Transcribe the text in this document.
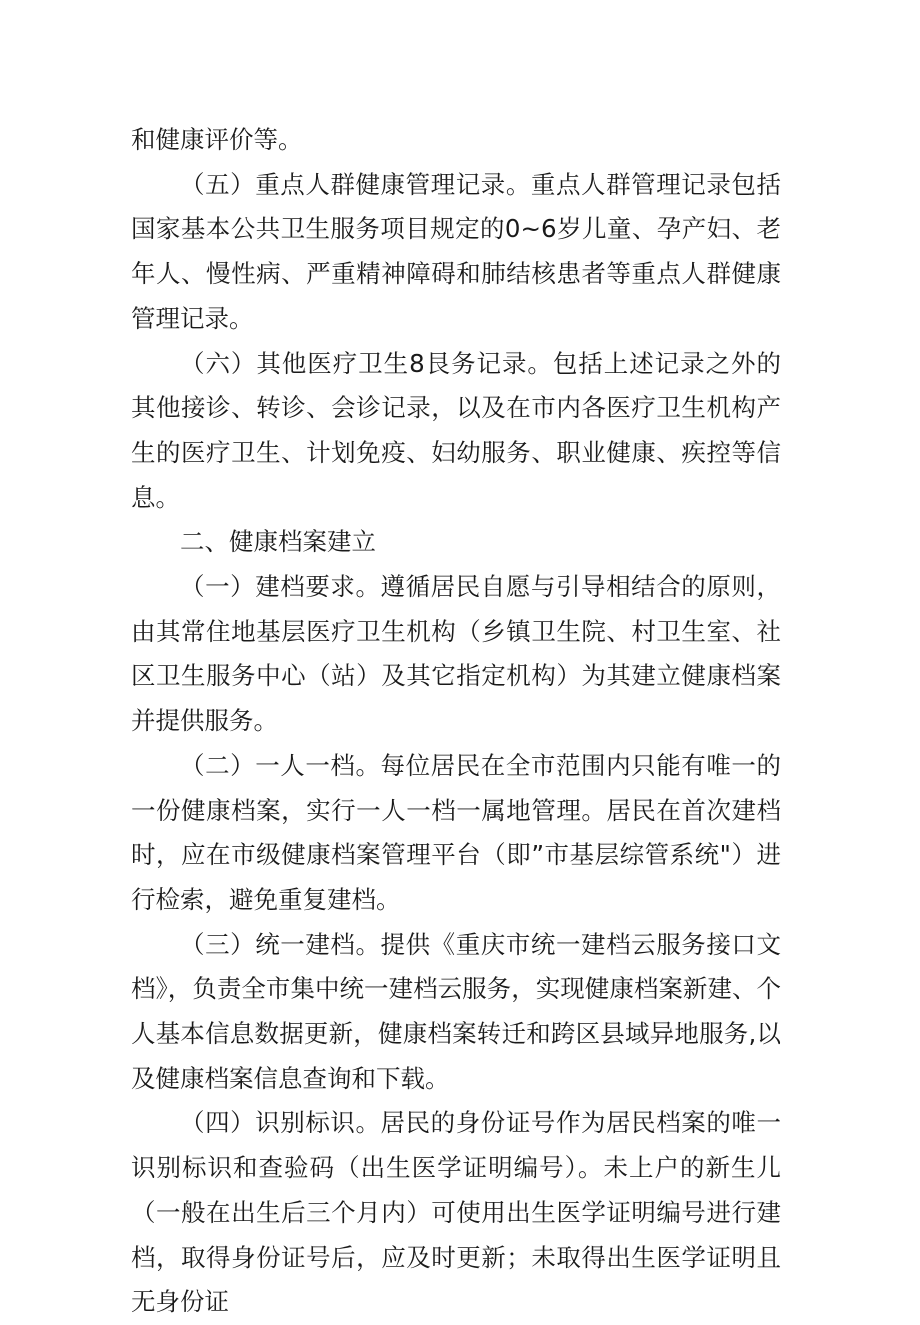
和健康评价等。

（五）重点人群健康管理记录。重点人群管理记录包括国家基本公共卫生服务项目规定的0~6岁儿童、孕产妇、老年人、慢性病、严重精神障碍和肺结核患者等重点人群健康管理记录。

（六）其他医疗卫生8艮务记录。包括上述记录之外的其他接诊、转诊、会诊记录，以及在市内各医疗卫生机构产生的医疗卫生、计划免疫、妇幼服务、职业健康、疾控等信息。

二、健康档案建立

（一）建档要求。遵循居民自愿与引导相结合的原则，由其常住地基层医疗卫生机构（乡镇卫生院、村卫生室、社区卫生服务中心（站）及其它指定机构）为其建立健康档案并提供服务。

（二）一人一档。每位居民在全市范围内只能有唯一的一份健康档案，实行一人一档一属地管理。居民在首次建档时，应在市级健康档案管理平台（即”市基层综管系统"）进行检索，避免重复建档。

（三）统一建档。提供《重庆市统一建档云服务接口文档》，负责全市集中统一建档云服务，实现健康档案新建、个人基本信息数据更新，健康档案转迁和跨区县域异地服务,以及健康档案信息查询和下载。

（四）识别标识。居民的身份证号作为居民档案的唯一识别标识和查验码（出生医学证明编号）。未上户的新生儿（一般在出生后三个月内）可使用出生医学证明编号进行建档，取得身份证号后，应及时更新；未取得出生医学证明且无身份证
